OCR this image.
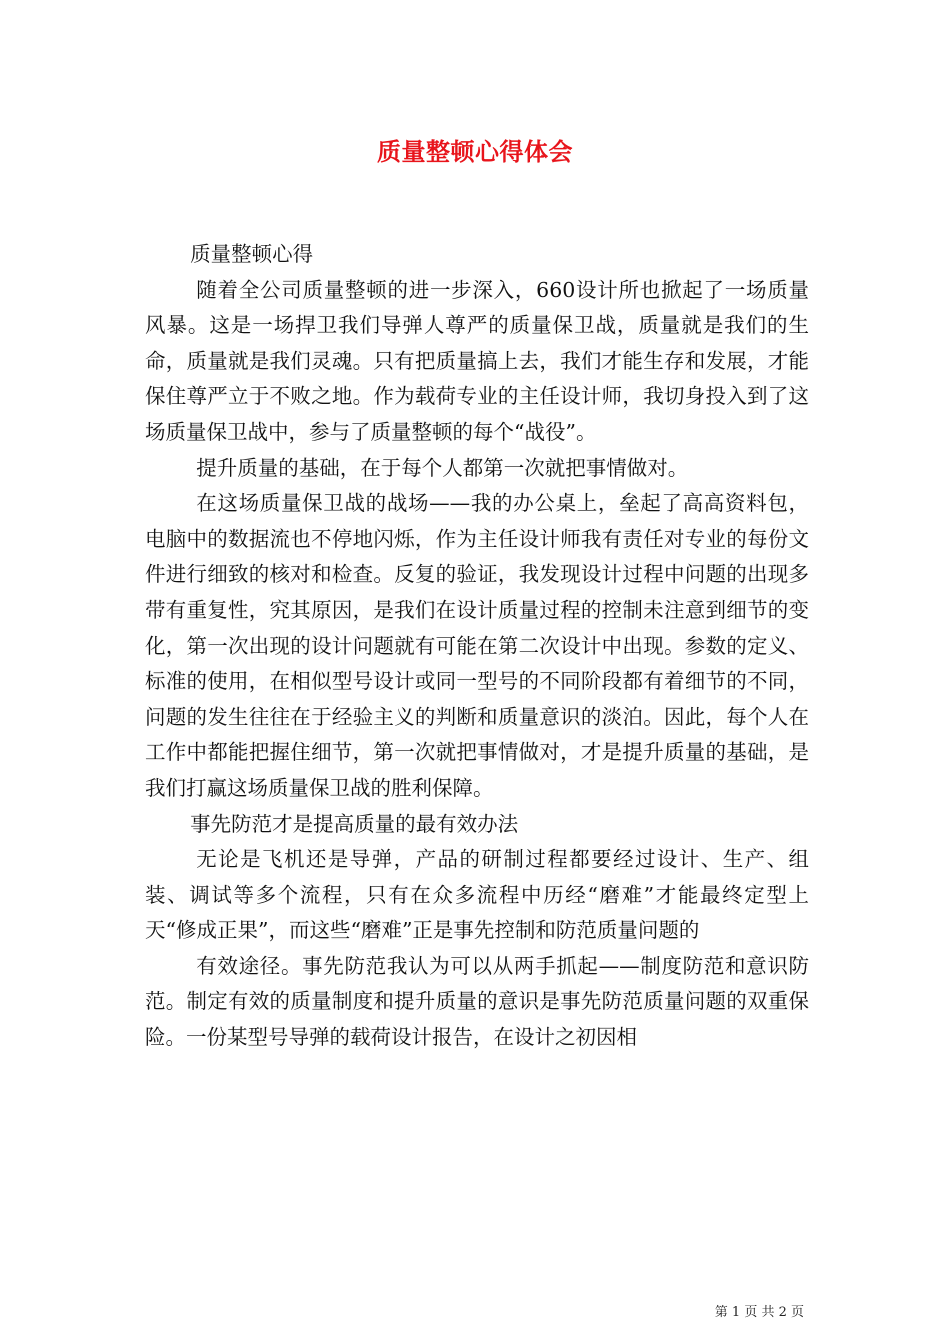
质量整顿心得体会

质量整顿心得

随着全公司质量整顿的进一步深入，660设计所也掀起了一场质量风暴。这是一场捍卫我们导弹人尊严的质量保卫战，质量就是我们的生命，质量就是我们灵魂。只有把质量搞上去，我们才能生存和发展，才能保住尊严立于不败之地。作为载荷专业的主任设计师，我切身投入到了这场质量保卫战中，参与了质量整顿的每个“战役”。

提升质量的基础，在于每个人都第一次就把事情做对。

在这场质量保卫战的战场——我的办公桌上，垒起了高高资料包，电脑中的数据流也不停地闪烁，作为主任设计师我有责任对专业的每份文件进行细致的核对和检查。反复的验证，我发现设计过程中问题的出现多带有重复性，究其原因，是我们在设计质量过程的控制未注意到细节的变化，第一次出现的设计问题就有可能在第二次设计中出现。参数的定义、标准的使用，在相似型号设计或同一型号的不同阶段都有着细节的不同，问题的发生往往在于经验主义的判断和质量意识的淡泊。因此，每个人在工作中都能把握住细节，第一次就把事情做对，才是提升质量的基础，是我们打赢这场质量保卫战的胜利保障。

事先防范才是提高质量的最有效办法

无论是飞机还是导弹，产品的研制过程都要经过设计、生产、组装、调试等多个流程，只有在众多流程中历经“磨难”才能最终定型上天“修成正果”，而这些“磨难”正是事先控制和防范质量问题的

有效途径。事先防范我认为可以从两手抓起——制度防范和意识防范。制定有效的质量制度和提升质量的意识是事先防范质量问题的双重保险。一份某型号导弹的载荷设计报告，在设计之初因相

第 1 页 共 2 页
